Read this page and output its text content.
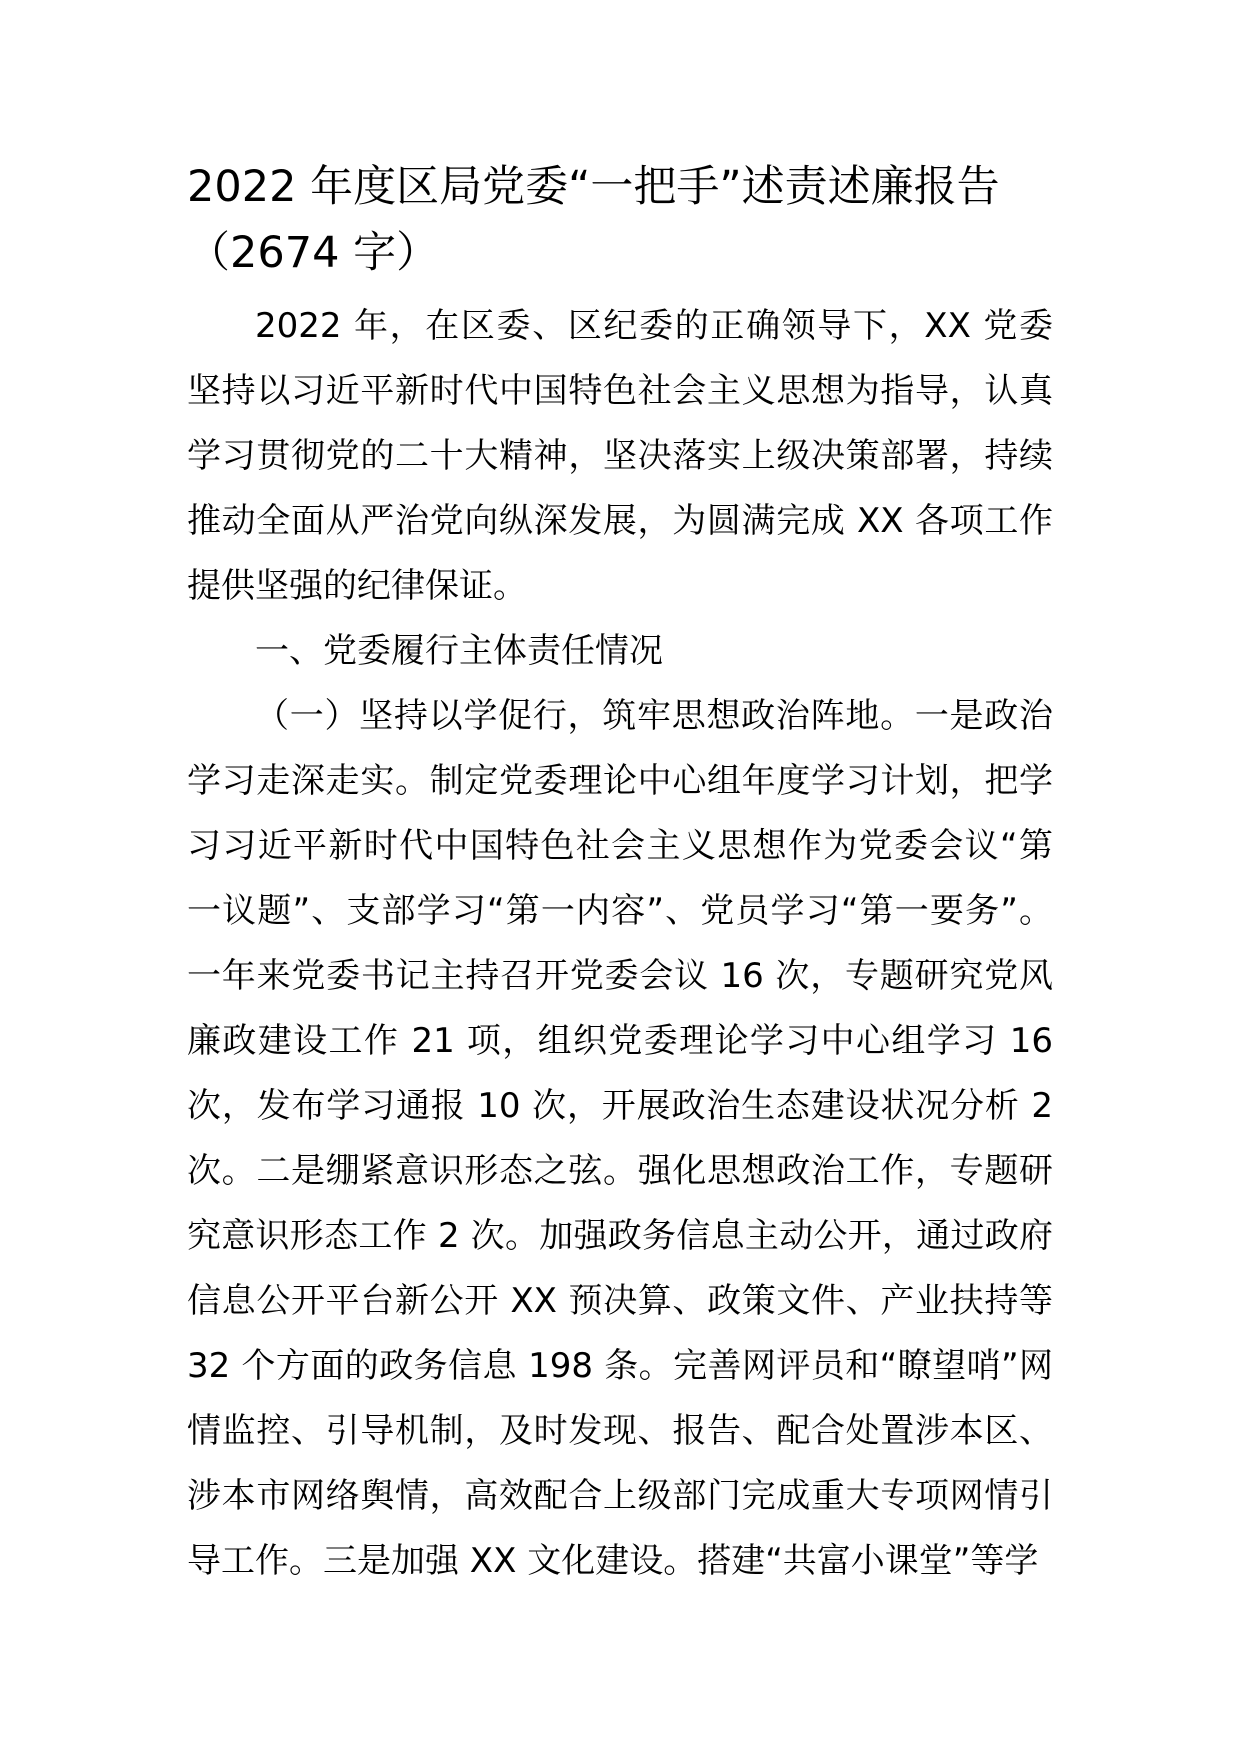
2022 年度区局党委“一把手”述责述廉报告（2674 字）

2022 年，在区委、区纪委的正确领导下，XX 党委坚持以习近平新时代中国特色社会主义思想为指导，认真学习贯彻党的二十大精神，坚决落实上级决策部署，持续推动全面从严治党向纵深发展，为圆满完成 XX 各项工作提供坚强的纪律保证。

一、党委履行主体责任情况

（一）坚持以学促行，筑牢思想政治阵地。一是政治学习走深走实。制定党委理论中心组年度学习计划，把学习习近平新时代中国特色社会主义思想作为党委会议“第一议题”、支部学习“第一内容”、党员学习“第一要务”。一年来党委书记主持召开党委会议 16 次，专题研究党风廉政建设工作 21 项，组织党委理论学习中心组学习 16 次，发布学习通报 10 次，开展政治生态建设状况分析 2 次。二是绷紧意识形态之弦。强化思想政治工作，专题研究意识形态工作 2 次。加强政务信息主动公开，通过政府信息公开平台新公开 XX 预决算、政策文件、产业扶持等 32 个方面的政务信息 198 条。完善网评员和“瞭望哨”网情监控、引导机制，及时发现、报告、配合处置涉本区、涉本市网络舆情，高效配合上级部门完成重大专项网情引导工作。三是加强 XX 文化建设。搭建“共富小课堂”等学
